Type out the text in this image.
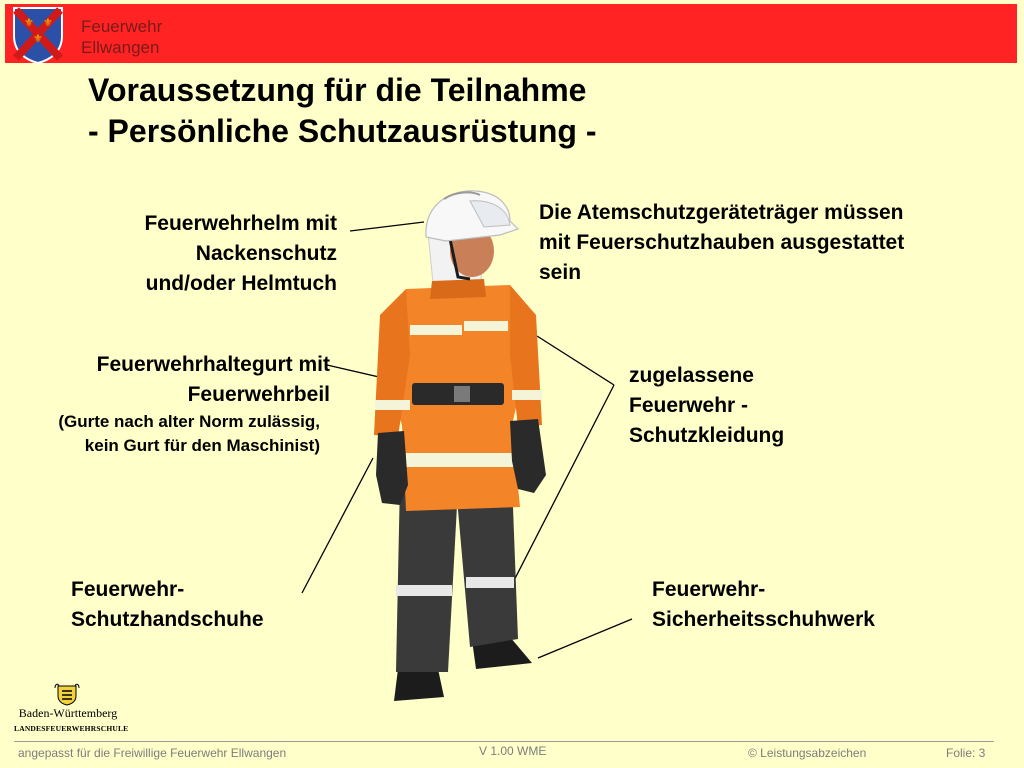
⚜ ⚜
⚜
Feuerwehr
Ellwangen
Voraussetzung für die Teilnahme
- Persönliche Schutzausrüstung -
Feuerwehrhelm mit
Nackenschutz
und/oder Helmtuch
Die Atemschutzgeräteträger müssen
mit Feuerschutzhauben ausgestattet
sein
Feuerwehrhaltegurt mit
Feuerwehrbeil
(Gurte nach alter Norm zulässig,
kein Gurt für den Maschinist)
zugelassene
Feuerwehr -
Schutzkleidung
Feuerwehr-
Schutzhandschuhe
Feuerwehr-
Sicherheitsschuhwerk
Baden-Württemberg
LANDESFEUERWEHRSCHULE
angepasst für die Freiwillige Feuerwehr Ellwangen	V 1.00 WME	© Leistungsabzeichen	Folie: 3
